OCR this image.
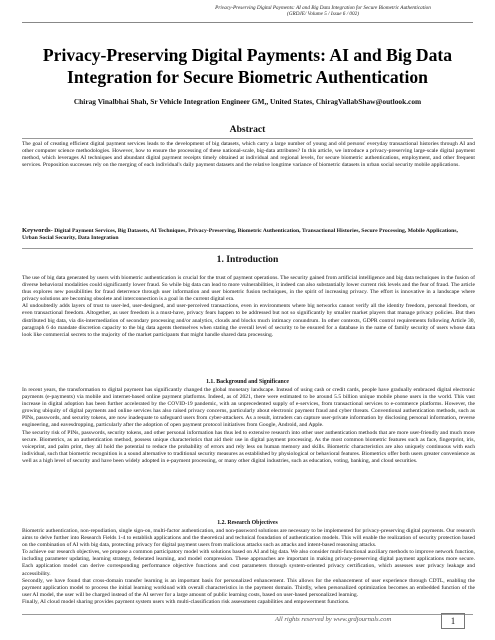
Privacy-Preserving Digital Payments: AI and Big Data Integration for Secure Biometric Authentication
(GRDJE/ Volume 5 / Issue 6 / 002)
Privacy-Preserving Digital Payments: AI and Big Data Integration for Secure Biometric Authentication
Chirag Vinalbhai Shah, Sr Vehicle Integration Engineer GM,, United States, ChiragVallabShaw@outlook.com
Abstract

The goal of creating efficient digital payment services leads to the development of big datasets, which carry a large number of young and old persons' everyday transactional histories through AI and other computer science methodologies. However, how to ensure the processing of these national-scale, big-data attributes? In this article, we introduce a privacy-preserving large-scale digital payment method, which leverages AI techniques and abundant digital payment receipts timely obtained at individual and regional levels, for secure biometric authentications, employment, and other frequent services. Proposition successes rely on the merging of each individual's daily payment datasets and the relative longtime variance of biometric datasets in urban social security mobile applications.

Keywords- Digital Payment Services, Big Datasets, AI Techniques, Privacy-Preserving, Biometric Authentication, Transactional Histories, Secure Processing, Mobile Applications, Urban Social Security, Data Integration
1. Introduction

The use of big data generated by users with biometric authentication is crucial for the trust of payment operations. The security gained from artificial intelligence and big data techniques in the fusion of diverse behavioral modalities could significantly lower fraud. So while big data can lead to more vulnerabilities, it indeed can also substantially lower current risk levels and the fear of fraud. The article thus explores new possibilities for fraud deterrence through user information and user biometric fusion techniques, in the spirit of increasing privacy. The effort is innovative in a landscape where privacy solutions are becoming obsolete and interconnection is a goal in the current digital era.

AI undoubtedly adds layers of trust to user-led, user-designed, and user-perceived transactions, even in environments where big networks cannot verify all the identity freedom, personal freedom, or even transactional freedom. Altogether, as user freedom is a must-have, privacy fears happen to be addressed but not so significantly by smaller market players that manage privacy policies. But then distributed big data, via dis-intermediation of secondary processing and/or analytics, clouds and blocks much intimacy conundrum. In other contexts, GDPR control requirements following Article 30, paragraph 6 do mandate discretion capacity to the big data agents themselves when stating the overall level of security to be ensured for a database in the name of family security of users whose data look like commercial secrets to the majority of the market participants that might handle shared data processing.

1.1. Background and Significance

In recent years, the transformation to digital payment has significantly changed the global monetary landscape. Instead of using cash or credit cards, people have gradually embraced digital electronic payments (e-payments) via mobile and internet-based online payment platforms. Indeed, as of 2021, there were estimated to be around 5.5 billion unique mobile phone users in the world. This vast increase in digital adoption has been further accelerated by the COVID-19 pandemic, with an unprecedented supply of e-services, from transactional services to e-commerce platforms. However, the growing ubiquity of digital payments and online services has also raised privacy concerns, particularly about electronic payment fraud and cyber threats. Conventional authentication methods, such as PINs, passwords, and security tokens, are now inadequate to safeguard users from cyber-attackers. As a result, intruders can capture user-private information by disclosing personal information, reverse engineering, and eavesdropping, particularly after the adoption of open payment protocol initiatives from Google, Android, and Apple.

The security risk of PINs, passwords, security tokens, and other personal information has thus led to extensive research into other user authentication methods that are more user-friendly and much more secure. Biometrics, as an authentication method, possess unique characteristics that aid their use in digital payment processing. As the most common biometric features such as face, fingerprint, iris, voiceprint, and palm print, they all hold the potential to reduce the probability of errors and rely less on human memory and skills. Biometric characteristics are also uniquely continuous with each individual, such that biometric recognition is a sound alternative to traditional security measures as established by physiological or behavioral features. Biometrics offer both users greater convenience as well as a high level of security and have been widely adopted in e-payment processing, or many other digital industries, such as education, voting, banking, and cloud securities.

1.2. Research Objectives

Biometric authentication, non-repudiation, single sign-on, multi-factor authentication, and non-password solutions are necessary to be implemented for privacy-preserving digital payments. Our research aims to delve further into Research Fields 1-4 to establish applications and the theoretical and technical foundation of authentication models. This will enable the realization of security protection based on the combination of AI with big data, protecting privacy for digital payment users from malicious attacks such as attacks and intent-based reasoning attacks.

To achieve our research objectives, we propose a common participatory model with solutions based on AI and big data. We also consider multi-functional auxiliary methods to improve network function, including parameter updating, learning strategy, federated learning, and model compression. These approaches are important in making privacy-preserving digital payment applications more secure. Each application model can derive corresponding performance objective functions and cost parameters through system-oriented privacy certification, which assesses user privacy leakage and accessibility.

Secondly, we have found that cross-domain transfer learning is an important basis for personalized enhancement. This allows for the enhancement of user experience through CDTL, enabling the payment application model to process the initial learning workload with overall characteristics in the payment domain. Thirdly, when personalized optimization becomes an embedded function of the user AI model, the user will be charged instead of the AI server for a large amount of public learning costs, based on user-based personalized learning.

Finally, AI cloud model sharing provides payment system users with multi-classification risk assessment capabilities and empowerment functions.

All rights reserved by www.grdjournals.com	1
